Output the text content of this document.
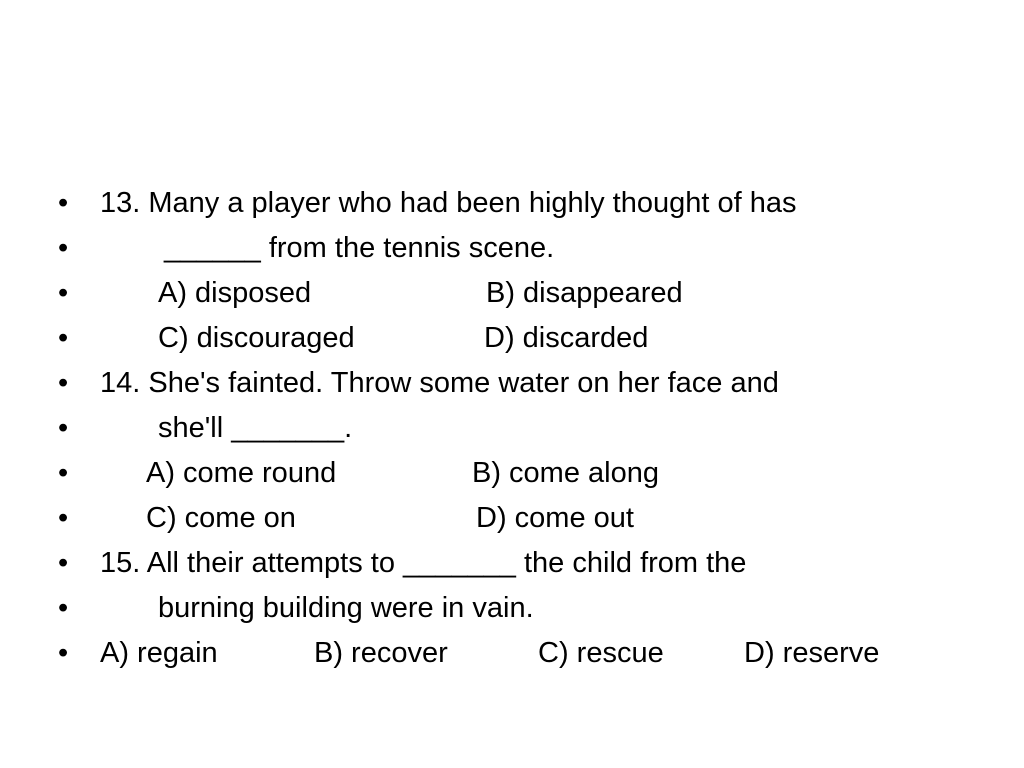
•	13. Many a player who had been highly thought of has
•	______ from the tennis scene.
•	A) disposed	B) disappeared
•	C) discouraged	D) discarded
•	14. She's fainted. Throw some water on her face and
•	she'll _______.
•	A) come round	B) come along
•	C) come on	D) come out
•	15. All their attempts to _______ the child from the
•	burning building were in vain.
•	A) regain	B) recover	C) rescue	D) reserve
